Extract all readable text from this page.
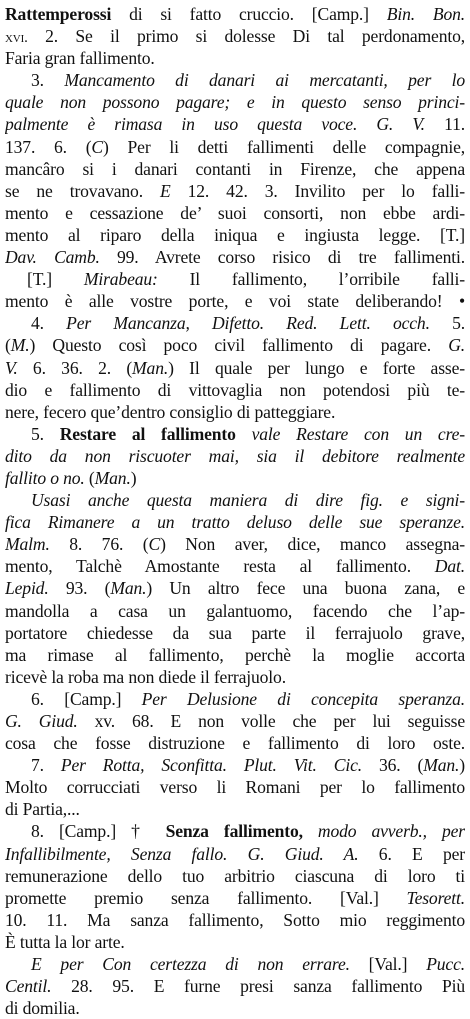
Rattemperossi di si fatto cruccio. [Camp.] Bin. Bon.
xvi. 2. Se il primo si dolesse Di tal perdonamento,
Faria gran fallimento.
3. Mancamento di danari ai mercatanti, per lo
quale non possono pagare; e in questo senso princi-
palmente è rimasa in uso questa voce. G. V. 11.
137. 6. (C) Per li detti fallimenti delle compagnie,
mancâro si i danari contanti in Firenze, che appena
se ne trovavano. E 12. 42. 3. Invilito per lo falli-
mento e cessazione de’ suoi consorti, non ebbe ardi-
mento al riparo della iniqua e ingiusta legge. [T.]
Dav. Camb. 99. Avrete corso risico di tre fallimenti.
[T.] Mirabeau: Il fallimento, l’orribile falli-
mento è alle vostre porte, e voi state deliberando! •
4. Per Mancanza, Difetto. Red. Lett. occh. 5.
(M.) Questo così poco civil fallimento di pagare. G.
V. 6. 36. 2. (Man.) Il quale per lungo e forte asse-
dio e fallimento di vittovaglia non potendosi più te-
nere, fecero que’dentro consiglio di patteggiare.
5. Restare al fallimento vale Restare con un cre-
dito da non riscuoter mai, sia il debitore realmente
fallito o no. (Man.)
Usasi anche questa maniera di dire fig. e signi-
fica Rimanere a un tratto deluso delle sue speranze.
Malm. 8. 76. (C) Non aver, dice, manco assegna-
mento, Talchè Amostante resta al fallimento. Dat.
Lepid. 93. (Man.) Un altro fece una buona zana, e
mandolla a casa un galantuomo, facendo che l’ap-
portatore chiedesse da sua parte il ferrajuolo grave,
ma rimase al fallimento, perchè la moglie accorta
ricevè la roba ma non diede il ferrajuolo.
6. [Camp.] Per Delusione di concepita speranza.
G. Giud. xv. 68. E non volle che per lui seguisse
cosa che fosse distruzione e fallimento di loro oste.
7. Per Rotta, Sconfitta. Plut. Vit. Cic. 36. (Man.)
Molto corrucciati verso li Romani per lo fallimento
di Partia,...
8. [Camp.] † Senza fallimento, modo avverb., per
Infallibilmente, Senza fallo. G. Giud. A. 6. E per
remunerazione dello tuo arbitrio ciascuna di loro ti
promette premio senza fallimento. [Val.] Tesorett.
10. 11. Ma sanza fallimento, Sotto mio reggimento
È tutta la lor arte.
E per Con certezza di non errare. [Val.] Pucc.
Centil. 28. 95. E furne presi sanza fallimento Più
di domilia.
